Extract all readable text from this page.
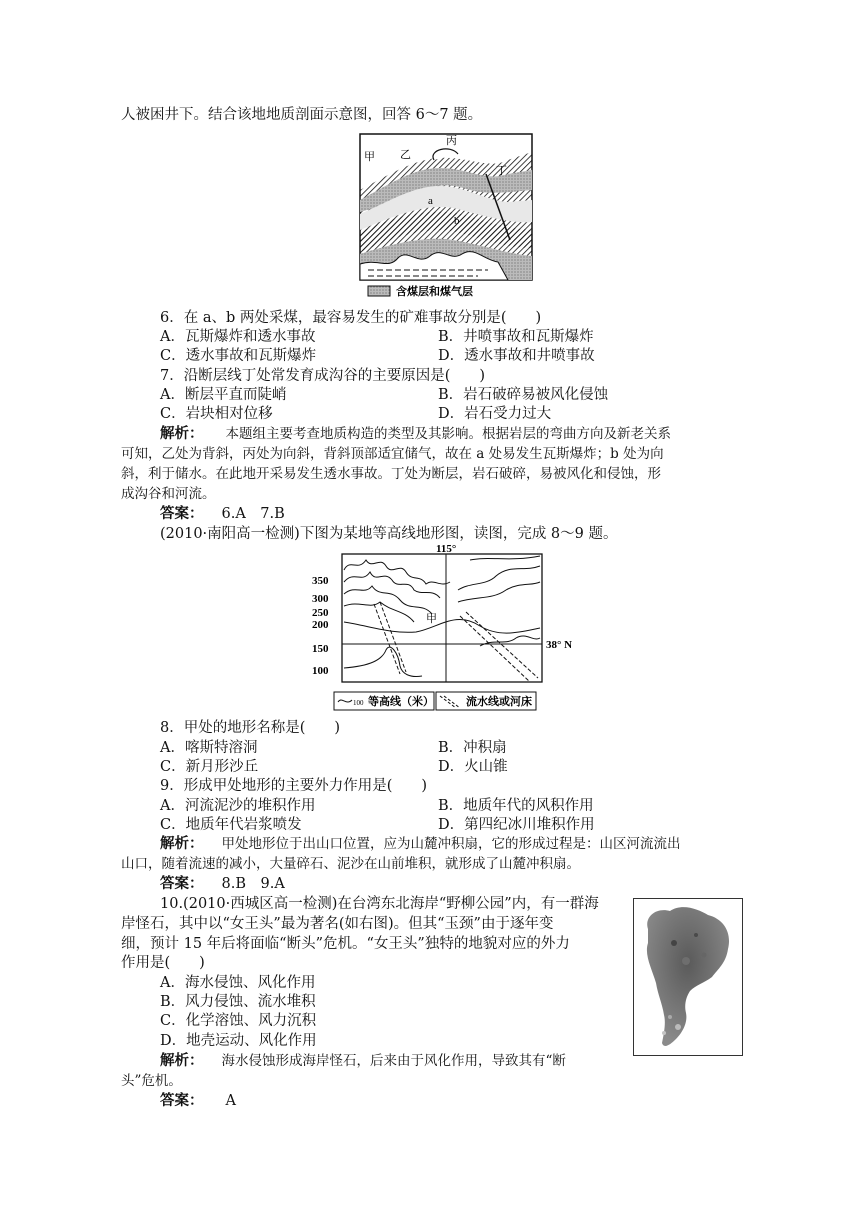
人被困井下。结合该地地质剖面示意图，回答 6～7 题。
甲 乙
丙
丁
a
b
含煤层和煤气层
6．在 a、b 两处采煤，最容易发生的矿难事故分别是(　　)
A．瓦斯爆炸和透水事故	B．井喷事故和瓦斯爆炸
C．透水事故和瓦斯爆炸	D．透水事故和井喷事故
7．沿断层线丁处常发育成沟谷的主要原因是(　　)
A．断层平直而陡峭	B．岩石破碎易被风化侵蚀
C．岩块相对位移	D．岩石受力过大
解析： 本题组主要考查地质构造的类型及其影响。根据岩层的弯曲方向及新老关系
可知，乙处为背斜，丙处为向斜，背斜顶部适宜储气，故在 a 处易发生瓦斯爆炸；b 处为向
斜，利于储水。在此地开采易发生透水事故。丁处为断层，岩石破碎，易被风化和侵蚀，形
成沟谷和河流。
答案： 6.A　7.B
(2010·南阳高一检测)下图为某地等高线地形图，读图，完成 8～9 题。
115°
38° N
甲
350
300
250
200
150
100
100 等高线（米）	流水线或河床
8．甲处的地形名称是(　　)
A．喀斯特溶洞	B．冲积扇
C．新月形沙丘	D．火山锥
9．形成甲处地形的主要外力作用是(　　)
A．河流泥沙的堆积作用	B．地质年代的风积作用
C．地质年代岩浆喷发	D．第四纪冰川堆积作用
解析： 甲处地形位于出山口位置，应为山麓冲积扇，它的形成过程是：山区河流流出
山口，随着流速的减小，大量碎石、泥沙在山前堆积，就形成了山麓冲积扇。
答案： 8.B　9.A
10.(2010·西城区高一检测)在台湾东北海岸“野柳公园”内，有一群海
岸怪石，其中以“女王头”最为著名(如右图)。但其“玉颈”由于逐年变
细，预计 15 年后将面临“断头”危机。“女王头”独特的地貌对应的外力
作用是(　　)
A．海水侵蚀、风化作用
B．风力侵蚀、流水堆积
C．化学溶蚀、风力沉积
D．地壳运动、风化作用
解析： 海水侵蚀形成海岸怪石，后来由于风化作用，导致其有“断
头”危机。
答案： A
